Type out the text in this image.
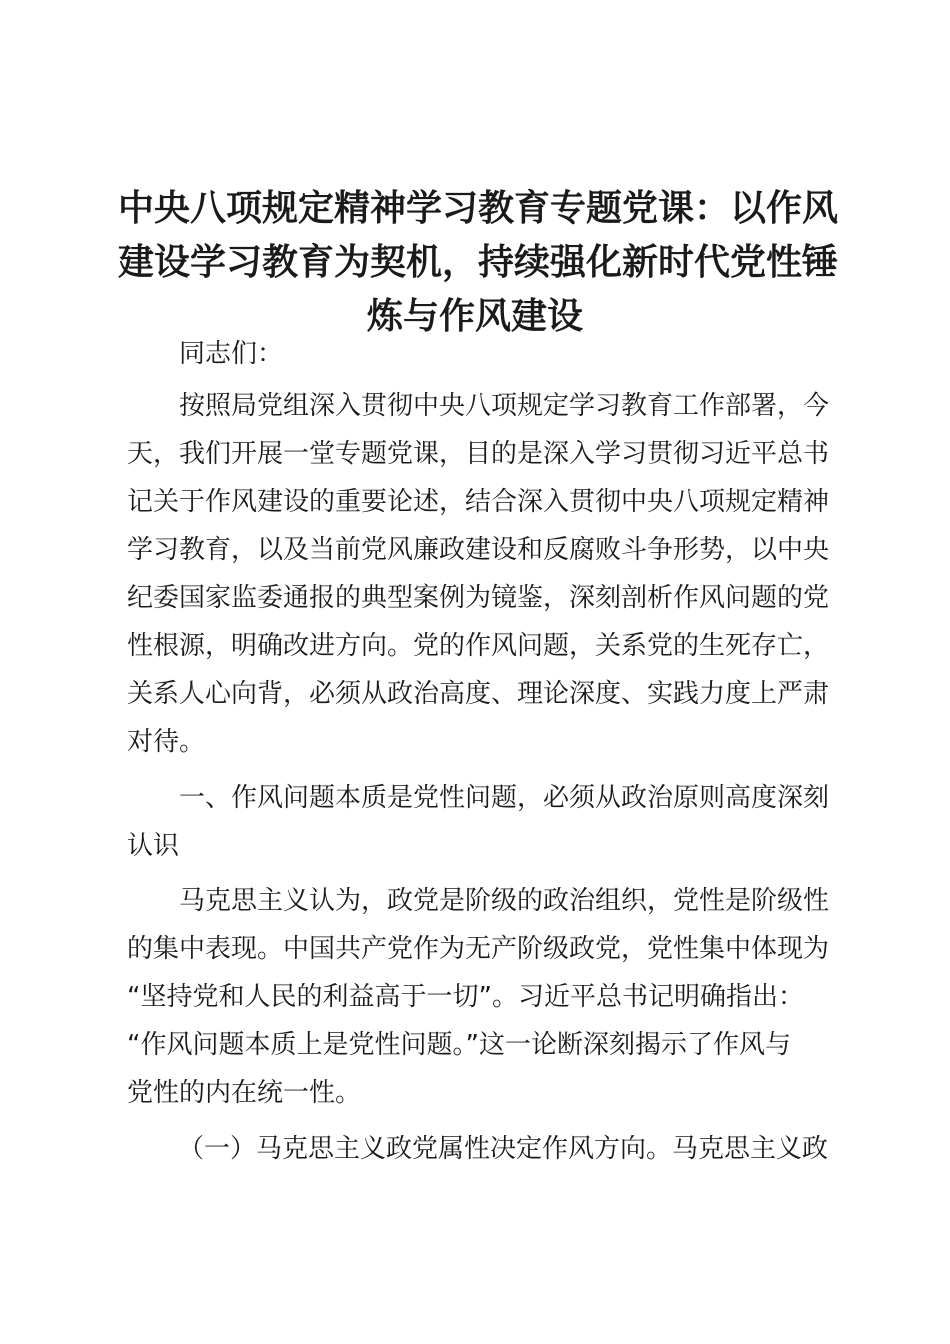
中央八项规定精神学习教育专题党课：以作风
建设学习教育为契机，持续强化新时代党性锤
炼与作风建设

同志们：

按照局党组深入贯彻中央八项规定学习教育工作部署，今

天，我们开展一堂专题党课，目的是深入学习贯彻习近平总书

记关于作风建设的重要论述，结合深入贯彻中央八项规定精神

学习教育，以及当前党风廉政建设和反腐败斗争形势，以中央

纪委国家监委通报的典型案例为镜鉴，深刻剖析作风问题的党

性根源，明确改进方向。党的作风问题，关系党的生死存亡，

关系人心向背，必须从政治高度、理论深度、实践力度上严肃

对待。

一、作风问题本质是党性问题，必须从政治原则高度深刻

认识

马克思主义认为，政党是阶级的政治组织，党性是阶级性

的集中表现。中国共产党作为无产阶级政党，党性集中体现为

“坚持党和人民的利益高于一切”。习近平总书记明确指出：

“作风问题本质上是党性问题。”这一论断深刻揭示了作风与

党性的内在统一性。

（一）马克思主义政党属性决定作风方向。马克思主义政
